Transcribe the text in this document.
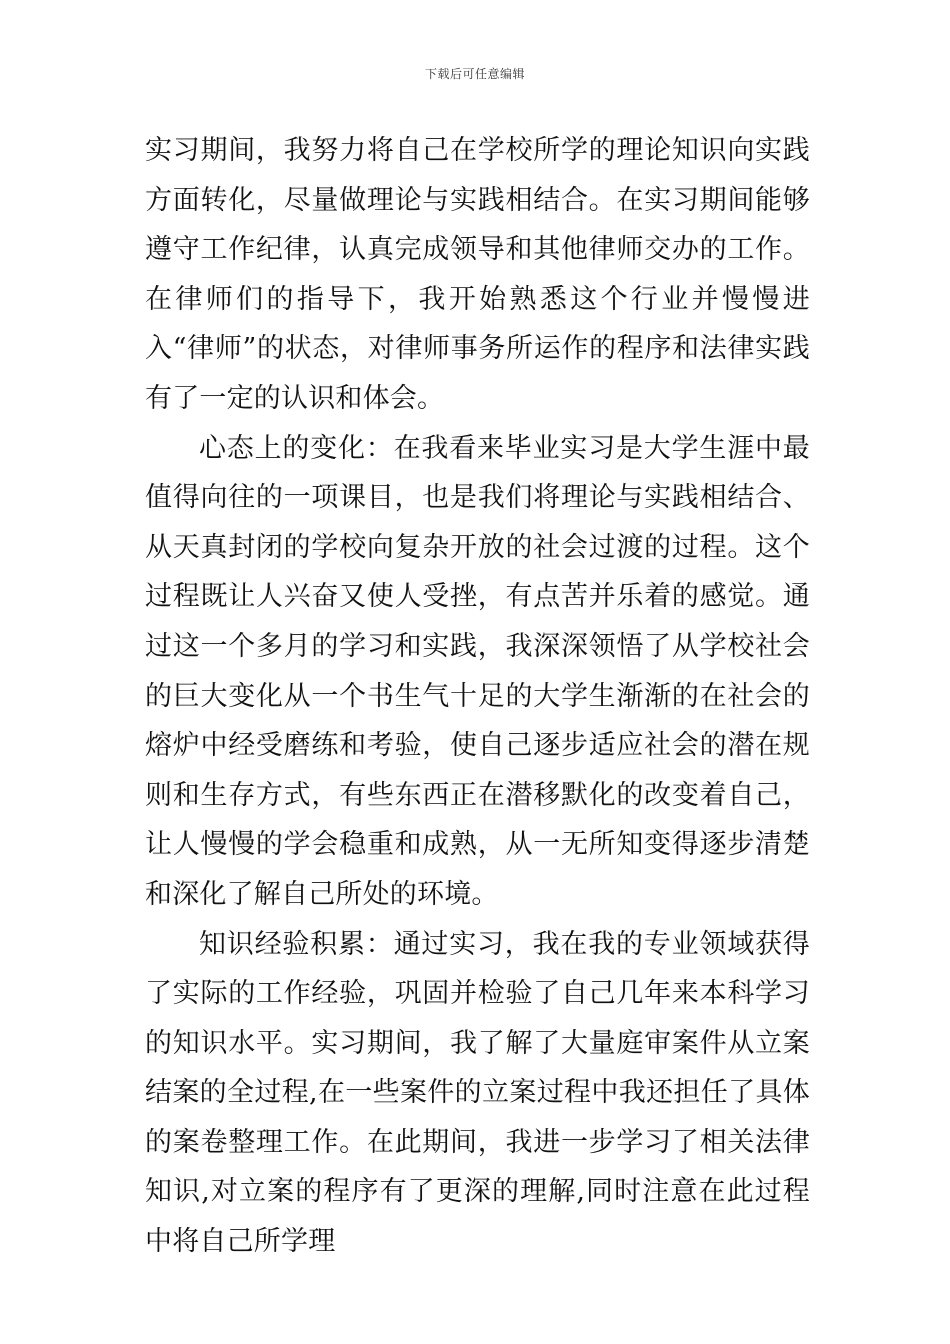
下载后可任意编辑

实习期间，我努力将自己在学校所学的理论知识向实践方面转化，尽量做理论与实践相结合。在实习期间能够遵守工作纪律，认真完成领导和其他律师交办的工作。在律师们的指导下，我开始熟悉这个行业并慢慢进入“律师”的状态，对律师事务所运作的程序和法律实践有了一定的认识和体会。

心态上的变化：在我看来毕业实习是大学生涯中最值得向往的一项课目，也是我们将理论与实践相结合、从天真封闭的学校向复杂开放的社会过渡的过程。这个过程既让人兴奋又使人受挫，有点苦并乐着的感觉。通过这一个多月的学习和实践，我深深领悟了从学校社会的巨大变化从一个书生气十足的大学生渐渐的在社会的熔炉中经受磨练和考验，使自己逐步适应社会的潜在规则和生存方式，有些东西正在潜移默化的改变着自己，让人慢慢的学会稳重和成熟，从一无所知变得逐步清楚和深化了解自己所处的环境。

知识经验积累：通过实习，我在我的专业领域获得了实际的工作经验，巩固并检验了自己几年来本科学习的知识水平。实习期间，我了解了大量庭审案件从立案结案的全过程,在一些案件的立案过程中我还担任了具体的案卷整理工作。在此期间，我进一步学习了相关法律知识,对立案的程序有了更深的理解,同时注意在此过程中将自己所学理
